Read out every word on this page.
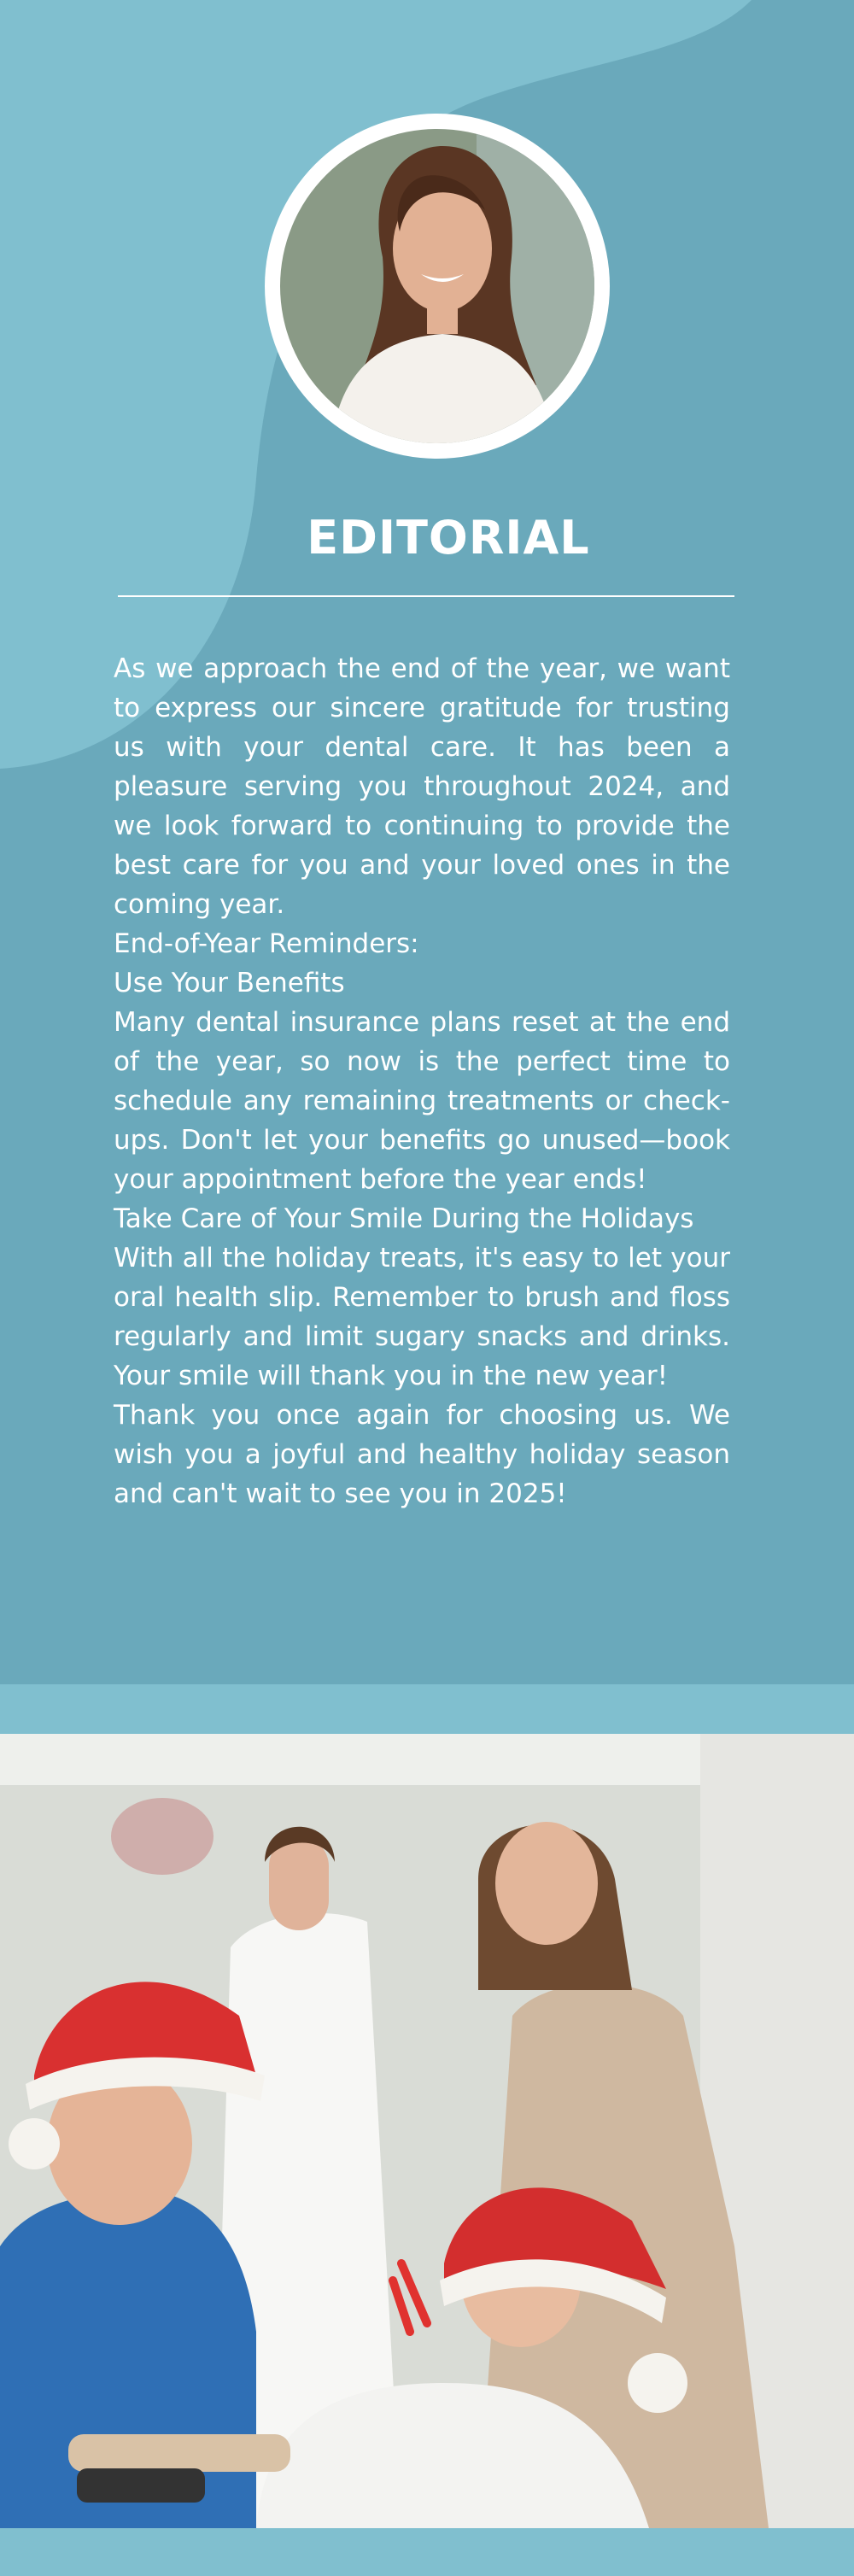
EDITORIAL

As we approach the end of the year, we want to express our sincere gratitude for trusting us with your dental care. It has been a pleasure serving you throughout 2024, and we look forward to continuing to provide the best care for you and your loved ones in the coming year.

End-of-Year Reminders:

Use Your Benefits

Many dental insurance plans reset at the end of the year, so now is the perfect time to schedule any remaining treatments or check-ups. Don't let your benefits go unused—book your appointment before the year ends!

Take Care of Your Smile During the Holidays

With all the holiday treats, it's easy to let your oral health slip. Remember to brush and floss regularly and limit sugary snacks and drinks. Your smile will thank you in the new year!

Thank you once again for choosing us. We wish you a joyful and healthy holiday season and can't wait to see you in 2025!
